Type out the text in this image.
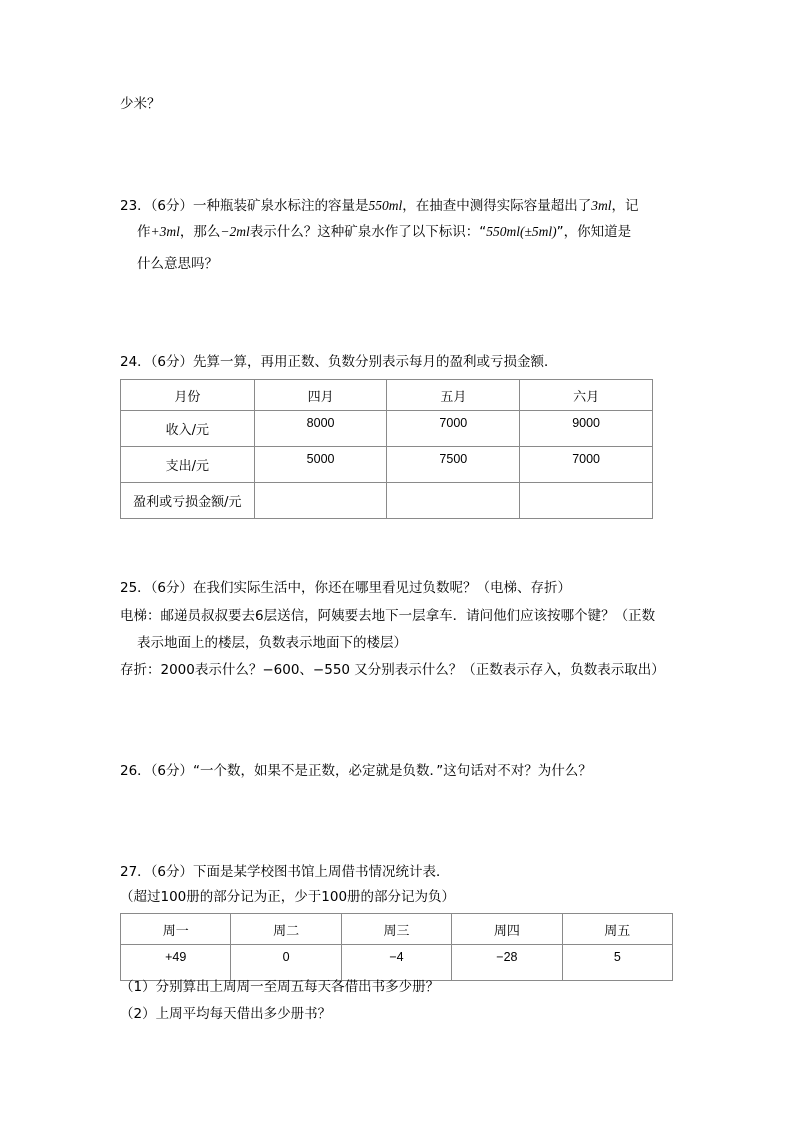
少米？
23．（6分）一种瓶装矿泉水标注的容量是550ml，在抽查中测得实际容量超出了3ml，记
作+3ml，那么−2ml表示什么？这种矿泉水作了以下标识：“550ml(±5ml)”，你知道是
什么意思吗？
24．（6分）先算一算，再用正数、负数分别表示每月的盈利或亏损金额．
月份	四月	五月	六月
收入/元	8000	7000	9000
支出/元	5000	7500	7000
盈利或亏损金额/元			
25．（6分）在我们实际生活中，你还在哪里看见过负数呢？（电梯、存折）
电梯：邮递员叔叔要去6层送信，阿姨要去地下一层拿车．请问他们应该按哪个键？（正数
表示地面上的楼层，负数表示地面下的楼层）
存折：2000表示什么？−600、−550 又分别表示什么？（正数表示存入，负数表示取出）
26．（6分）“一个数，如果不是正数，必定就是负数．”这句话对不对？为什么？
27．（6分）下面是某学校图书馆上周借书情况统计表．
（超过100册的部分记为正，少于100册的部分记为负）
周一	周二	周三	周四	周五
+49	0	−4	−28	5
（1）分别算出上周周一至周五每天各借出书多少册？
（2）上周平均每天借出多少册书？
